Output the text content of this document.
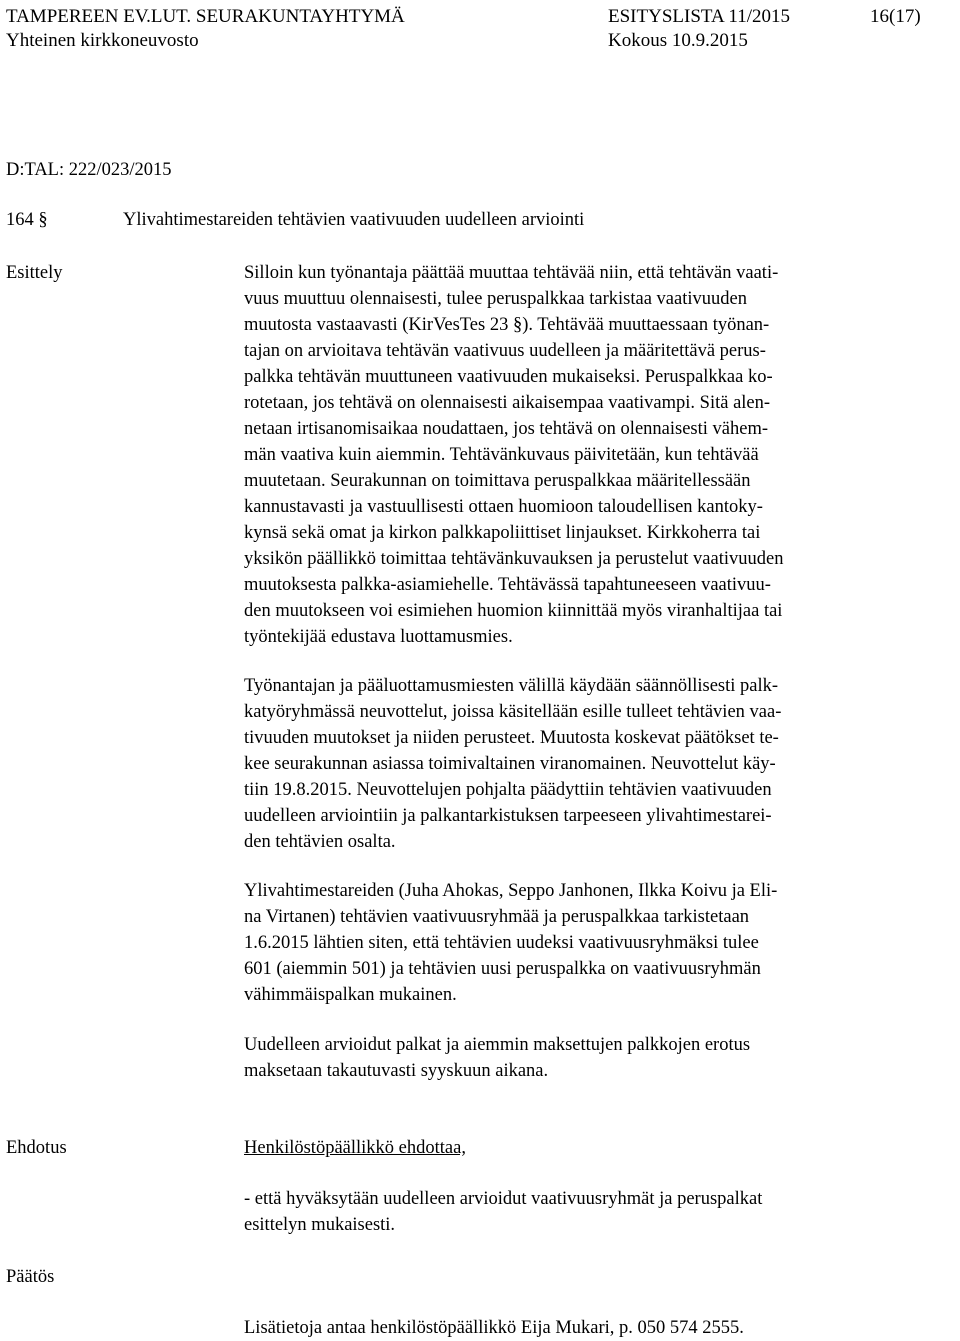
TAMPEREEN EV.LUT. SEURAKUNTAYHTYMÄ	ESITYSLISTA 11/2015	16(17)
Yhteinen kirkkoneuvosto	Kokous 10.9.2015
D:TAL: 222/023/2015
164 §	Ylivahtimestareiden tehtävien vaativuuden uudelleen arviointi
Esittely	Silloin kun työnantaja päättää muuttaa tehtävää niin, että tehtävän vaati-
vuus muuttuu olennaisesti, tulee peruspalkkaa tarkistaa vaativuuden
muutosta vastaavasti (KirVesTes 23 §). Tehtävää muuttaessaan työnan-
tajan on arvioitava tehtävän vaativuus uudelleen ja määritettävä perus-
palkka tehtävän muuttuneen vaativuuden mukaiseksi. Peruspalkkaa ko-
rotetaan, jos tehtävä on olennaisesti aikaisempaa vaativampi. Sitä alen-
netaan irtisanomisaikaa noudattaen, jos tehtävä on olennaisesti vähem-
män vaativa kuin aiemmin. Tehtävänkuvaus päivitetään, kun tehtävää
muutetaan. Seurakunnan on toimittava peruspalkkaa määritellessään
kannustavasti ja vastuullisesti ottaen huomioon taloudellisen kantoky-
kynsä sekä omat ja kirkon palkkapoliittiset linjaukset. Kirkkoherra tai
yksikön päällikkö toimittaa tehtävänkuvauksen ja perustelut vaativuuden
muutoksesta palkka-asiamiehelle. Tehtävässä tapahtuneeseen vaativuu-
den muutokseen voi esimiehen huomion kiinnittää myös viranhaltijaa tai
työntekijää edustava luottamusmies.
Työnantajan ja pääluottamusmiesten välillä käydään säännöllisesti palk-
katyöryhmässä neuvottelut, joissa käsitellään esille tulleet tehtävien vaa-
tivuuden muutokset ja niiden perusteet. Muutosta koskevat päätökset te-
kee seurakunnan asiassa toimivaltainen viranomainen. Neuvottelut käy-
tiin 19.8.2015. Neuvottelujen pohjalta päädyttiin tehtävien vaativuuden
uudelleen arviointiin ja palkantarkistuksen tarpeeseen ylivahtimestarei-
den tehtävien osalta.
Ylivahtimestareiden (Juha Ahokas, Seppo Janhonen, Ilkka Koivu ja Eli-
na Virtanen) tehtävien vaativuusryhmää ja peruspalkkaa tarkistetaan
1.6.2015 lähtien siten, että tehtävien uudeksi vaativuusryhmäksi tulee
601 (aiemmin 501) ja tehtävien uusi peruspalkka on vaativuusryhmän
vähimmäispalkan mukainen.
Uudelleen arvioidut palkat ja aiemmin maksettujen palkkojen erotus
maksetaan takautuvasti syyskuun aikana.
Ehdotus	Henkilöstöpäällikkö ehdottaa,
- että hyväksytään uudelleen arvioidut vaativuusryhmät ja peruspalkat
esittelyn mukaisesti.
Päätös
Lisätietoja antaa henkilöstöpäällikkö Eija Mukari, p. 050 574 2555.
